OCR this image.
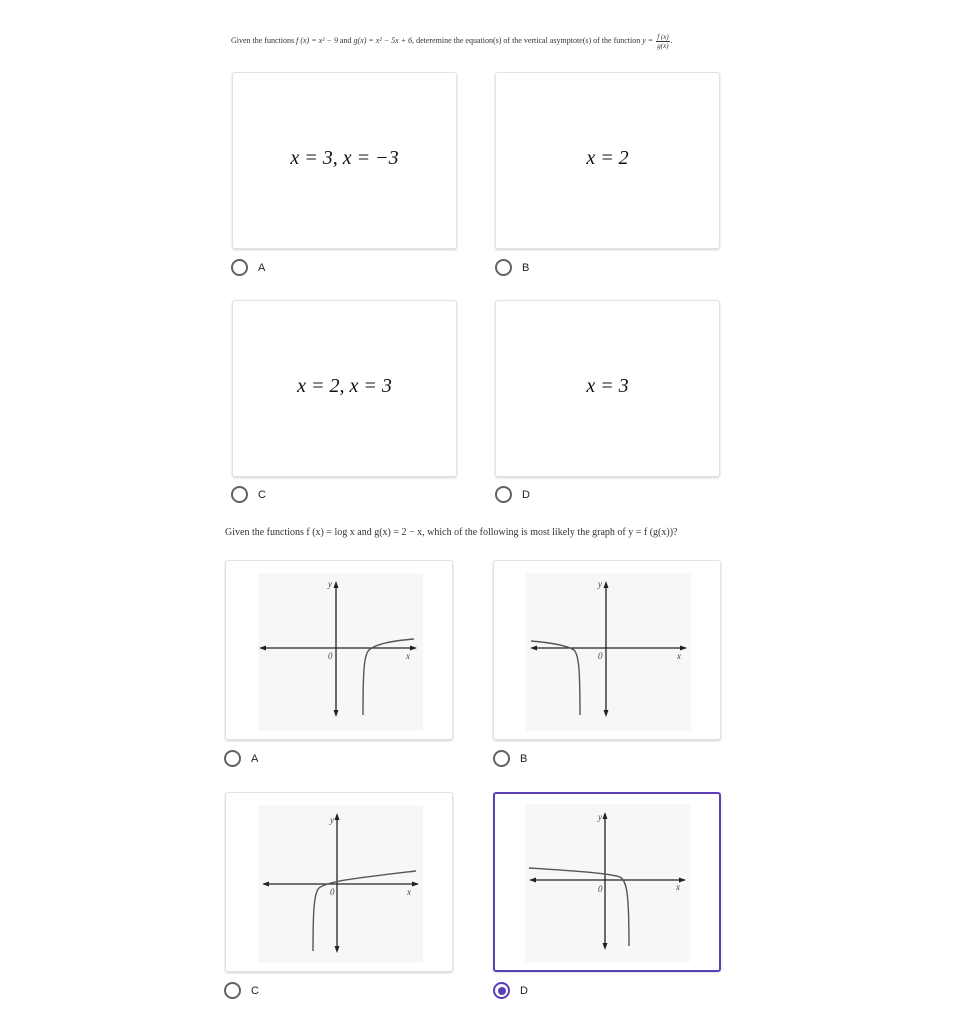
Given the functions f (x) = x² − 9 and g(x) = x² − 5x + 6, deteremine the equation(s) of the vertical asymptote(s) of the function $y = \frac{f (x)}{g(x)}$ .
x = 3, x = −3	x = 2
A	B
x = 2, x = 3	x = 3
C	D
Given the functions f (x) = log x and g(x) = 2 − x, which of the following is most likely the graph of y = f (g(x))?
y
x
0
y
x
0
A	B
y
x
0
y
x
0
C	D
